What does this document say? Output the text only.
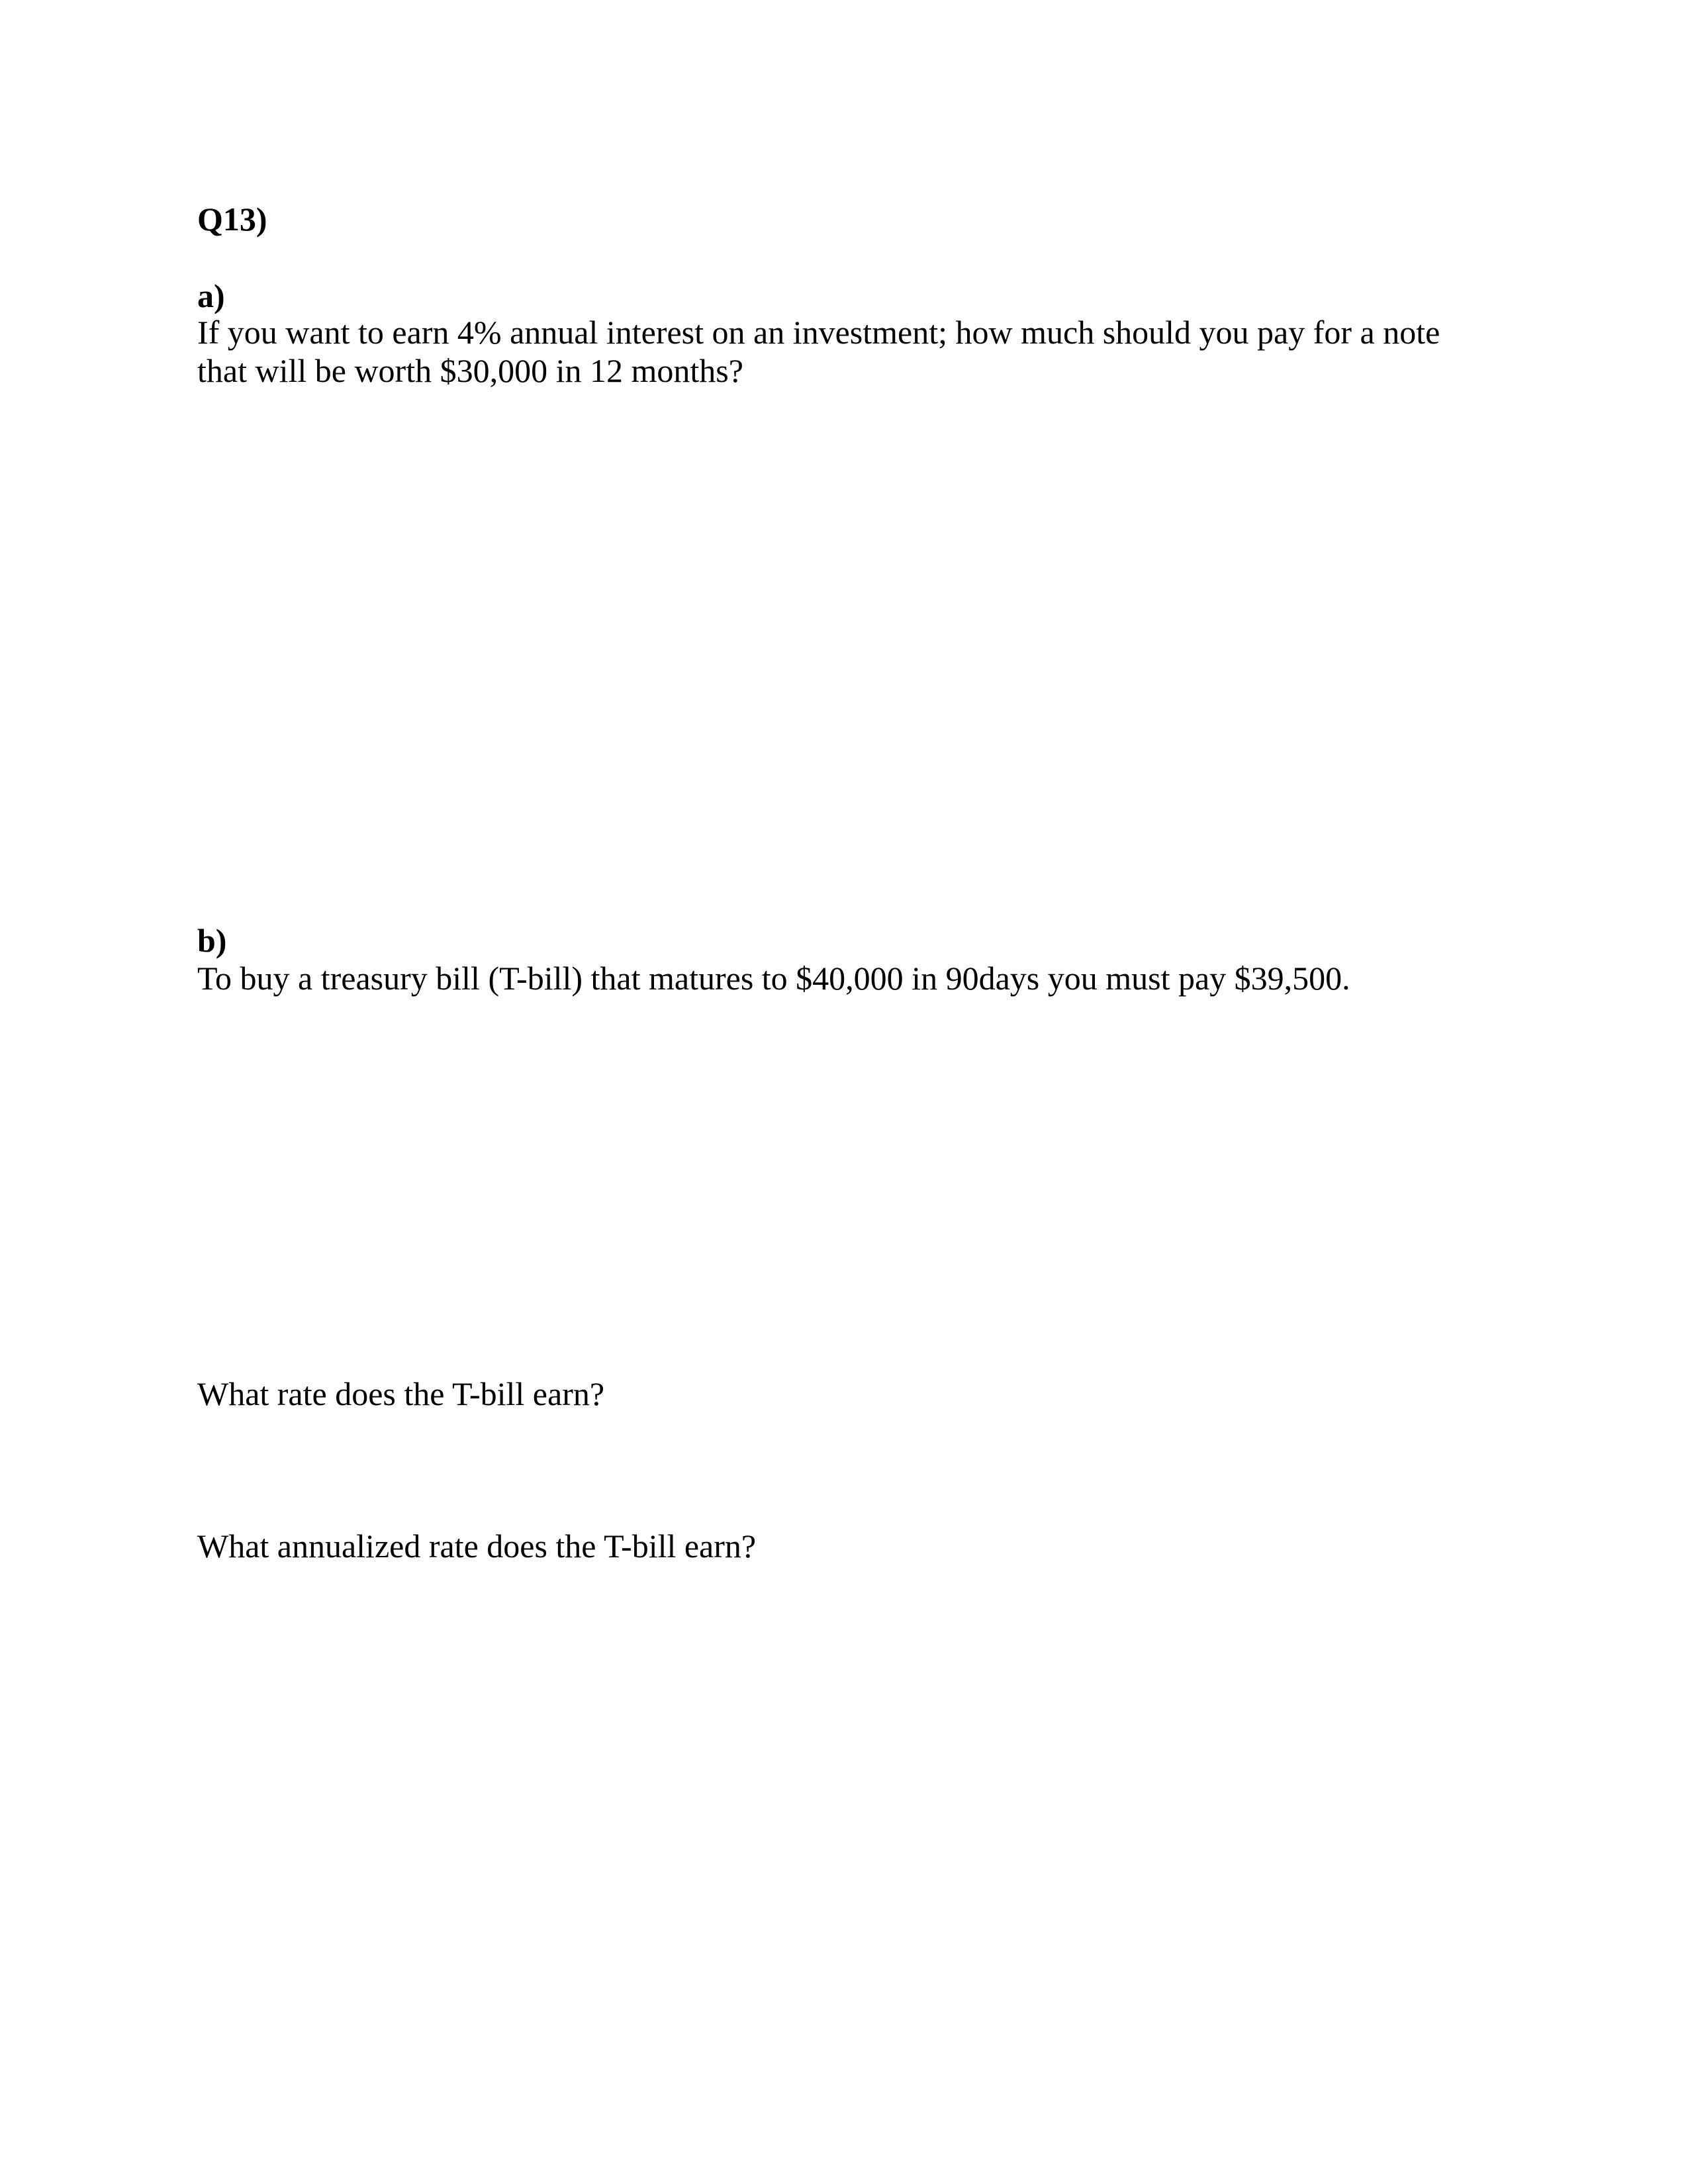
Q13)
a)
If you want to earn 4% annual interest on an investment; how much should you pay for a note
that will be worth $30,000 in 12 months?
b)
To buy a treasury bill (T-bill) that matures to $40,000 in 90days you must pay $39,500.
What rate does the T-bill earn?
What annualized rate does the T-bill earn?
